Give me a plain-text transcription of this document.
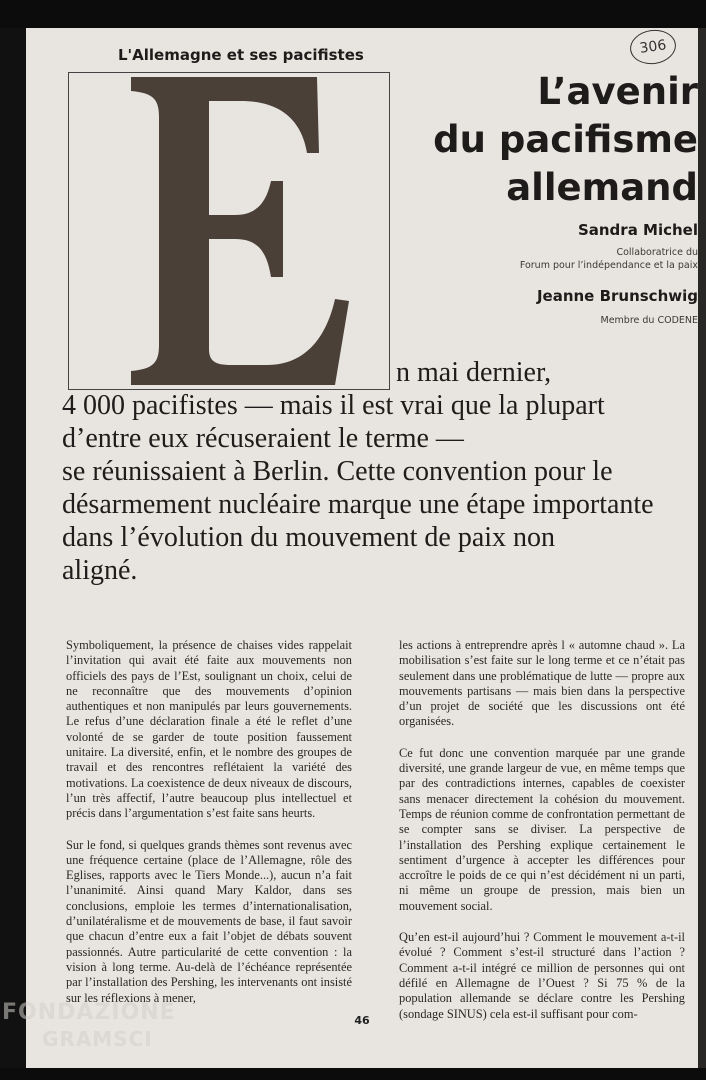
L'Allemagne et ses pacifistes	306
L’avenir
du pacifisme
allemand
Sandra Michel
Collaboratrice du
Forum pour l’indépendance et la paix
Jeanne Brunschwig
Membre du CODENE
n mai dernier,
4 000 pacifistes — mais il est vrai que la plupart
d’entre eux récuseraient le terme —
se réunissaient à Berlin. Cette convention pour le
désarmement nucléaire marque une étape importante
dans l’évolution du mouvement de paix non
aligné.

Symboliquement, la présence de chaises vides rappelait l’invitation qui avait été faite aux mouvements non officiels des pays de l’Est, soulignant un choix, celui de ne reconnaître que des mouvements d’opinion authentiques et non manipulés par leurs gouvernements. Le refus d’une déclaration finale a été le reflet d’une volonté de se garder de toute position faussement unitaire. La diversité, enfin, et le nombre des groupes de travail et des rencontres reflétaient la variété des motivations. La coexistence de deux niveaux de discours, l’un très affectif, l’autre beaucoup plus intellectuel et précis dans l’argumentation s’est faite sans heurts.

Sur le fond, si quelques grands thèmes sont revenus avec une fréquence certaine (place de l’Allemagne, rôle des Eglises, rapports avec le Tiers Monde...), aucun n’a fait l’unanimité. Ainsi quand Mary Kaldor, dans ses conclusions, emploie les termes d’internationalisation, d’unilatéralisme et de mouvements de base, il faut savoir que chacun d’entre eux a fait l’objet de débats souvent passionnés. Autre particularité de cette convention : la vision à long terme. Au-delà de l’échéance représentée par l’installation des Pershing, les intervenants ont insisté sur les réflexions à mener,

les actions à entreprendre après l « automne chaud ». La mobilisation s’est faite sur le long terme et ce n’était pas seulement dans une problématique de lutte — propre aux mouvements partisans — mais bien dans la perspective d’un projet de société que les discussions ont été organisées.

Ce fut donc une convention marquée par une grande diversité, une grande largeur de vue, en même temps que par des contradictions internes, capables de coexister sans menacer directement la cohésion du mouvement. Temps de réunion comme de confrontation permettant de se compter sans se diviser. La perspective de l’installation des Pershing explique certainement le sentiment d’urgence à accepter les différences pour accroître le poids de ce qui n’est décidément ni un parti, ni même un groupe de pression, mais bien un mouvement social.

Qu’en est-il aujourd’hui ? Comment le mouvement a-t-il évolué ? Comment s’est-il structuré dans l’action ? Comment a-t-il intégré ce million de personnes qui ont défilé en Allemagne de l’Ouest ? Si 75 % de la population allemande se déclare contre les Pershing (sondage SINUS) cela est-il suffisant pour com-

46
FONDAZIONE
GRAMSCI
